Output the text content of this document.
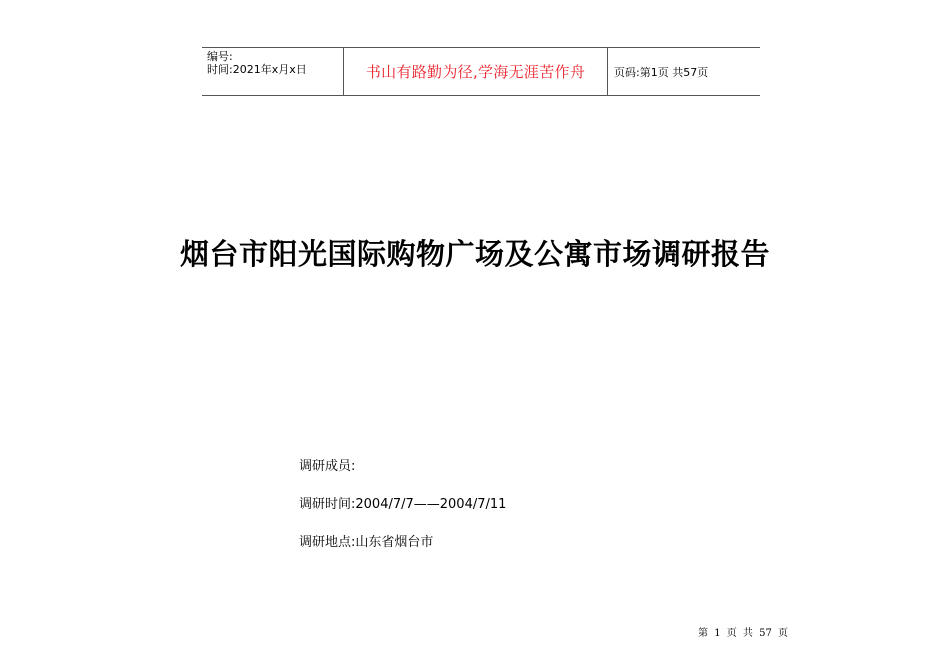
编号:
时间:2021年x月x日	书山有路勤为径,学海无涯苦作舟	页码:第1页 共57页
烟台市阳光国际购物广场及公寓市场调研报告
调研成员:
调研时间:2004/7/7——2004/7/11
调研地点:山东省烟台市
第 1 页 共 57 页
